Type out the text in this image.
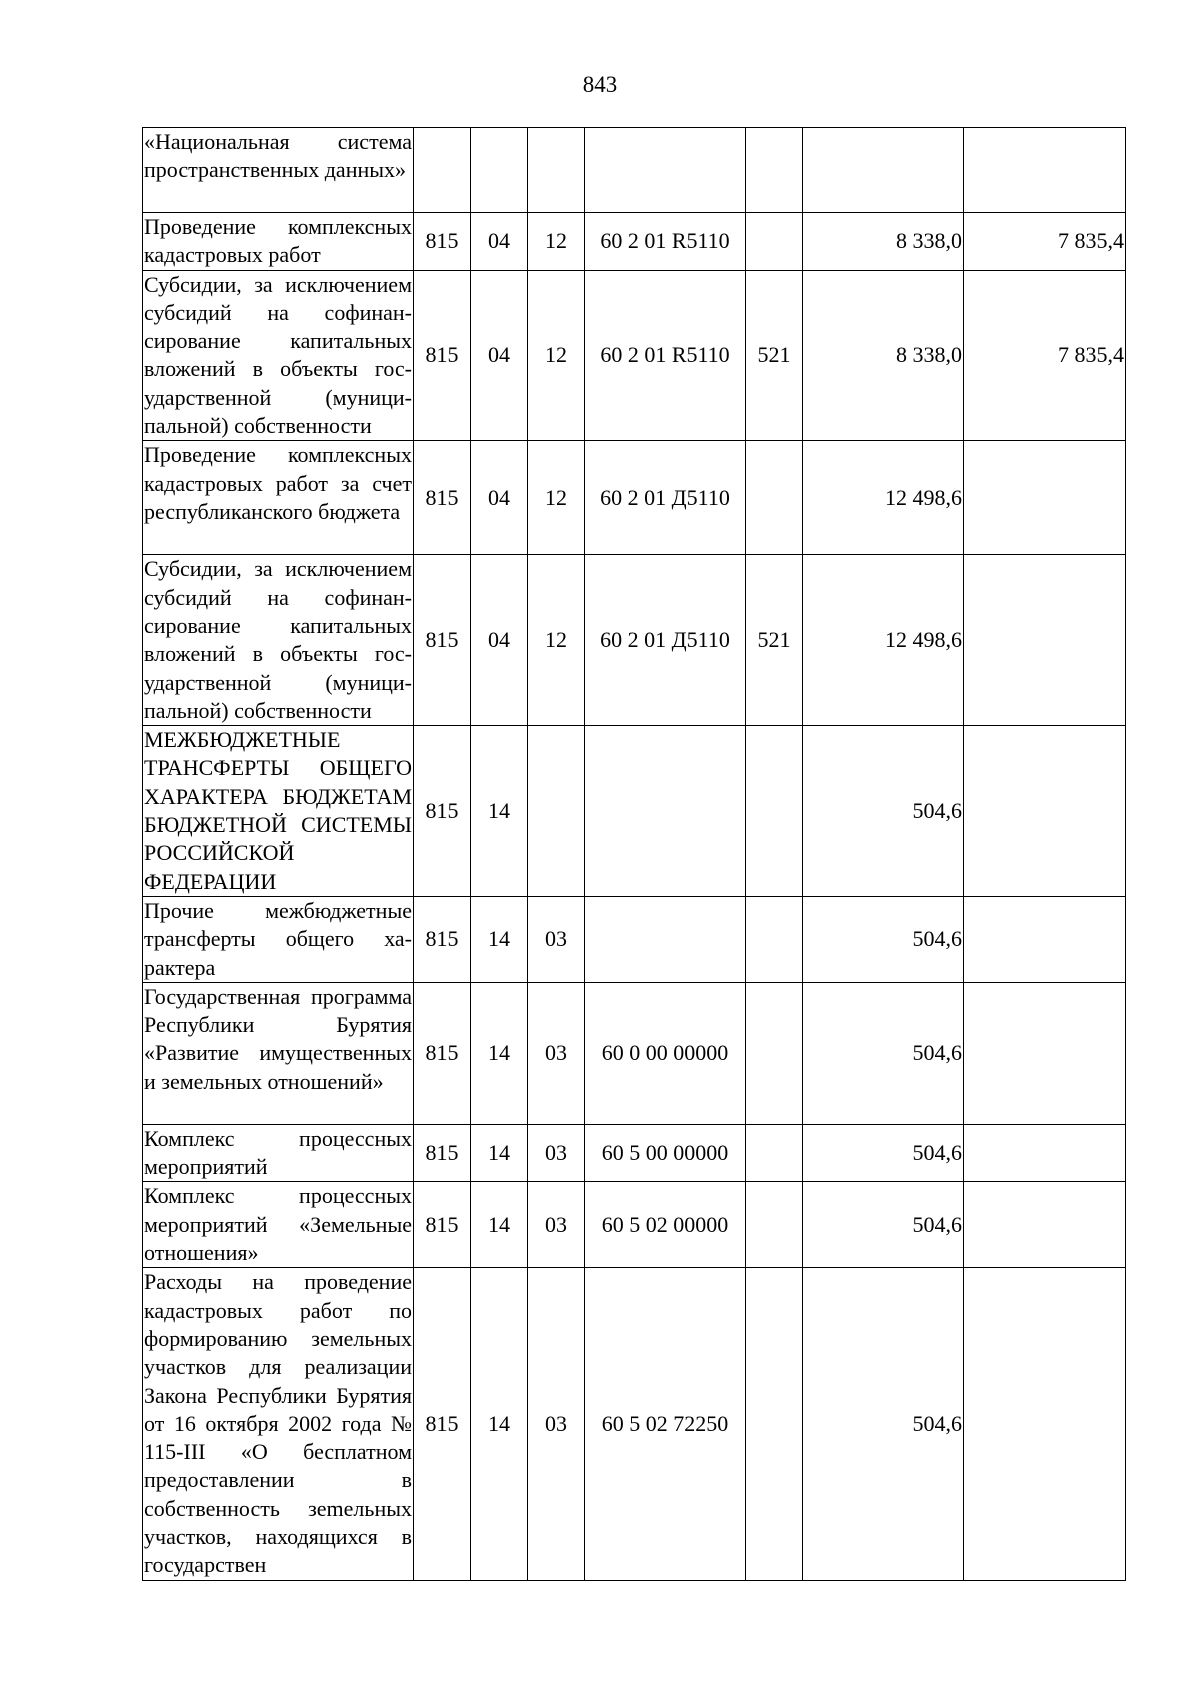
843
«Национальная система пространственных данных»							
Проведение комплексных кадастровых работ	815	04	12	60 2 01 R5110		8 338,0	7 835,4
Субсидии, за исключением субсидий на софинансирование капитальных вложений в объекты государственной (муниципальной) собственности	815	04	12	60 2 01 R5110	521	8 338,0	7 835,4
Проведение комплексных кадастровых работ за счет республиканского бюджета	815	04	12	60 2 01 Д5110		12 498,6	
Субсидии, за исключением субсидий на софинансирование капитальных вложений в объекты государственной (муниципальной) собственности	815	04	12	60 2 01 Д5110	521	12 498,6	
МЕЖБЮДЖЕТНЫЕ ТРАНСФЕРТЫ ОБЩЕГО ХАРАКТЕРА БЮДЖЕТАМ БЮДЖЕТНОЙ СИСТЕМЫ РОССИЙСКОЙ ФЕДЕРАЦИИ	815	14				504,6	
Прочие межбюджетные трансферты общего характера	815	14	03			504,6	
Государственная программа Республики Бурятия «Развитие имущественных и земельных отношений»	815	14	03	60 0 00 00000		504,6	
Комплекс процессных мероприятий	815	14	03	60 5 00 00000		504,6	
Комплекс процессных мероприятий «Земельные отношения»	815	14	03	60 5 02 00000		504,6	
Расходы на проведение кадастровых работ по формированию земельных участков для реализации Закона Республики Бурятия от 16 октября 2002 года № 115-III «О бесплатном предоставлении в собственность зеmельных участков, находящихся в государствен	815	14	03	60 5 02 72250		504,6	
